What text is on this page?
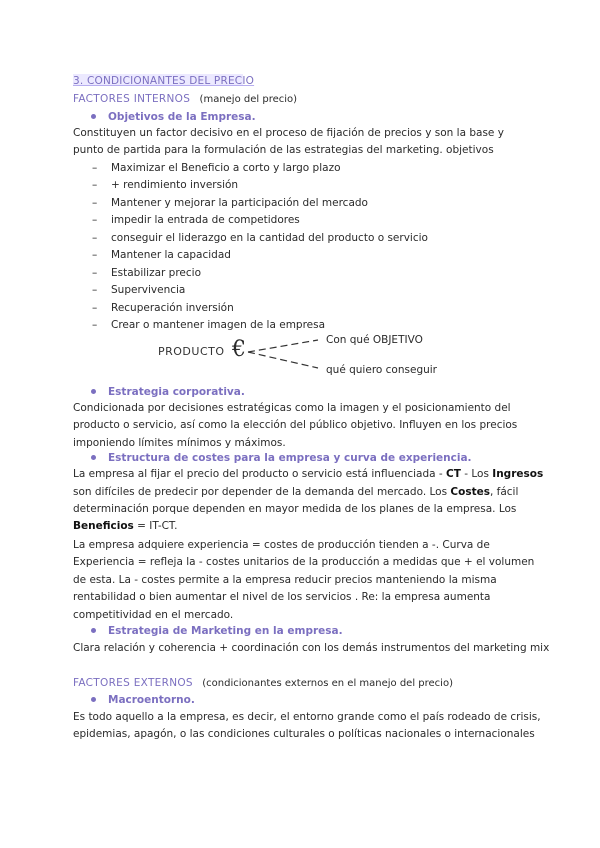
3. CONDICIONANTES DEL PRECIO
FACTORES INTERNOS (manejo del precio)
Objetivos de la Empresa.
Constituyen un factor decisivo en el proceso de fijación de precios y son la base y
punto de partida para la formulación de las estrategias del marketing. objetivos
– Maximizar el Beneficio a corto y largo plazo
– + rendimiento inversión
– Mantener y mejorar la participación del mercado
– impedir la entrada de competidores
– conseguir el liderazgo en la cantidad del producto o servicio
– Mantener la capacidad
– Estabilizar precio
– Supervivencia
– Recuperación inversión
– Crear o mantener imagen de la empresa
PRODUCTO €	Con qué OBJETIVO
qué quiero conseguir
Estrategia corporativa.
Condicionada por decisiones estratégicas como la imagen y el posicionamiento del
producto o servicio, así como la elección del público objetivo. Influyen en los precios
imponiendo límites mínimos y máximos.
Estructura de costes para la empresa y curva de experiencia.
La empresa al fijar el precio del producto o servicio está influenciada - CT - Los Ingresos
son difíciles de predecir por depender de la demanda del mercado. Los Costes, fácil
determinación porque dependen en mayor medida de los planes de la empresa. Los
Beneficios = IT-CT.
La empresa adquiere experiencia = costes de producción tienden a -. Curva de
Experiencia = refleja la - costes unitarios de la producción a medidas que + el volumen
de esta. La - costes permite a la empresa reducir precios manteniendo la misma
rentabilidad o bien aumentar el nivel de los servicios . Re: la empresa aumenta
competitividad en el mercado.
Estrategia de Marketing en la empresa.
Clara relación y coherencia + coordinación con los demás instrumentos del marketing mix
FACTORES EXTERNOS (condicionantes externos en el manejo del precio)
Macroentorno.
Es todo aquello a la empresa, es decir, el entorno grande como el país rodeado de crisis,
epidemias, apagón, o las condiciones culturales o políticas nacionales o internacionales
